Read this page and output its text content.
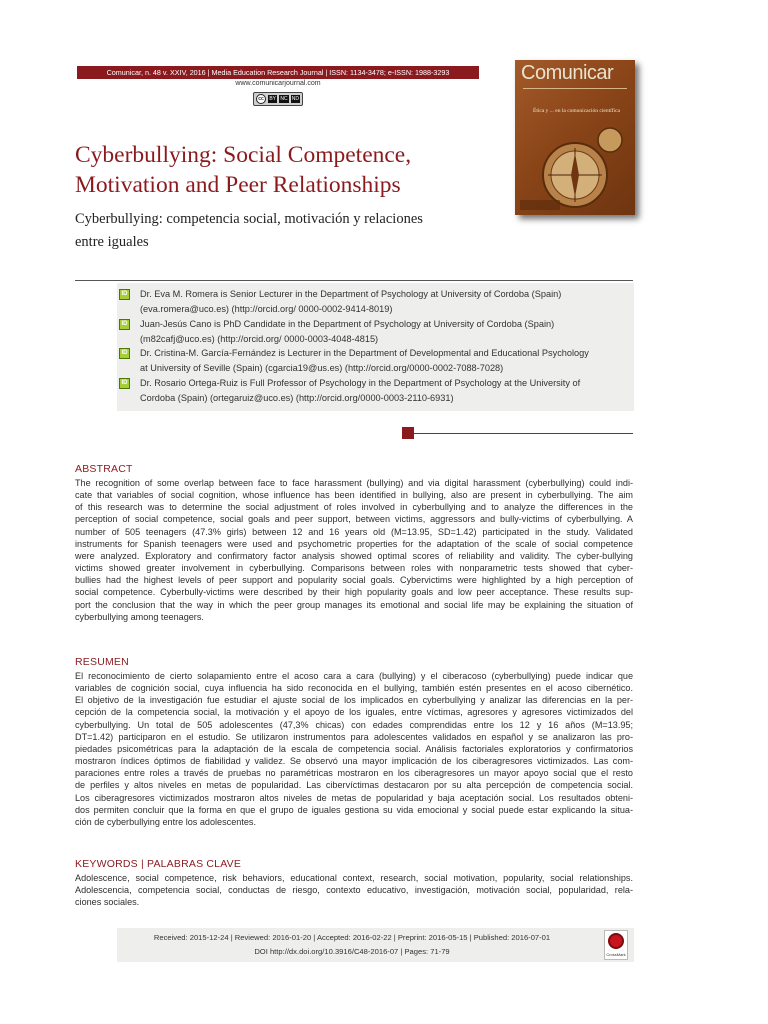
Comunicar, n. 48 v. XXIV, 2016 | Media Education Research Journal | ISSN: 1134-3478; e-ISSN: 1988-3293
www.comunicarjournal.com
cc	BY NC ND
Comunicar
Ética y ... en la comunicación científica
Cyberbullying: Social Competence,
Motivation and Peer Relationships
Cyberbullying: competencia social, motivación y relaciones
entre iguales
ID	Dr. Eva M. Romera is Senior Lecturer in the Department of Psychology at University of Cordoba (Spain)
(eva.romera@uco.es) (http://orcid.org/ 0000-0002-9414-8019)
ID	Juan-Jesús Cano is PhD Candidate in the Department of Psychology at University of Cordoba (Spain)
(m82cafj@uco.es) (http://orcid.org/ 0000-0003-4048-4815)
ID	Dr. Cristina-M. García-Fernández is Lecturer in the Department of Developmental and Educational Psychology
at University of Seville (Spain) (cgarcia19@us.es) (http://orcid.org/0000-0002-7088-7028)
ID	Dr. Rosario Ortega-Ruiz is Full Professor of Psychology in the Department of Psychology at the University of
Cordoba (Spain) (ortegaruiz@uco.es) (http://orcid.org/0000-0003-2110-6931)
ABSTRACT
The recognition of some overlap between face to face harassment (bullying) and via digital harassment (cyberbullying) could indi-
cate that variables of social cognition, whose influence has been identified in bullying, also are present in cyberbullying. The aim
of this research was to determine the social adjustment of roles involved in cyberbullying and to analyze the differences in the
perception of social competence, social goals and peer support, between victims, aggressors and bully-victims of cyberbullying. A
number of 505 teenagers (47.3% girls) between 12 and 16 years old (M=13.95, SD=1.42) participated in the study. Validated
instruments for Spanish teenagers were used and psychometric properties for the adaptation of the scale of social competence
were analyzed. Exploratory and confirmatory factor analysis showed optimal scores of reliability and validity. The cyber-bullying
victims showed greater involvement in cyberbullying. Comparisons between roles with nonparametric tests showed that cyber-
bullies had the highest levels of peer support and popularity social goals. Cybervictims were highlighted by a high perception of
social competence. Cyberbully-victims were described by their high popularity goals and low peer acceptance. These results sup-
port the conclusion that the way in which the peer group manages its emotional and social life may be explaining the situation of
cyberbullying among teenagers.
RESUMEN
El reconocimiento de cierto solapamiento entre el acoso cara a cara (bullying) y el ciberacoso (cyberbullying) puede indicar que
variables de cognición social, cuya influencia ha sido reconocida en el bullying, también estén presentes en el acoso cibernético.
El objetivo de la investigación fue estudiar el ajuste social de los implicados en cyberbullying y analizar las diferencias en la per-
cepción de la competencia social, la motivación y el apoyo de los iguales, entre víctimas, agresores y agresores victimizados del
cyberbullying. Un total de 505 adolescentes (47,3% chicas) con edades comprendidas entre los 12 y 16 años (M=13.95;
DT=1.42) participaron en el estudio. Se utilizaron instrumentos para adolescentes validados en español y se analizaron las pro-
piedades psicométricas para la adaptación de la escala de competencia social. Análisis factoriales exploratorios y confirmatorios
mostraron índices óptimos de fiabilidad y validez. Se observó una mayor implicación de los ciberagresores victimizados. Las com-
paraciones entre roles a través de pruebas no paramétricas mostraron en los ciberagresores un mayor apoyo social que el resto
de perfiles y altos niveles en metas de popularidad. Las cibervíctimas destacaron por su alta percepción de competencia social.
Los ciberagresores victimizados mostraron altos niveles de metas de popularidad y baja aceptación social. Los resultados obteni-
dos permiten concluir que la forma en que el grupo de iguales gestiona su vida emocional y social puede estar explicando la situa-
ción de cyberbullying entre los adolescentes.
KEYWORDS | PALABRAS CLAVE
Adolescence, social competence, risk behaviors, educational context, research, social motivation, popularity, social relationships.
Adolescencia, competencia social, conductas de riesgo, contexto educativo, investigación, motivación social, popularidad, rela-
ciones sociales.
Received: 2015-12-24 | Reviewed: 2016-01-20 | Accepted: 2016-02-22 | Preprint: 2016-05-15 | Published: 2016-07-01
DOI http://dx.doi.org/10.3916/C48-2016-07 | Pages: 71-79	CrossMark
